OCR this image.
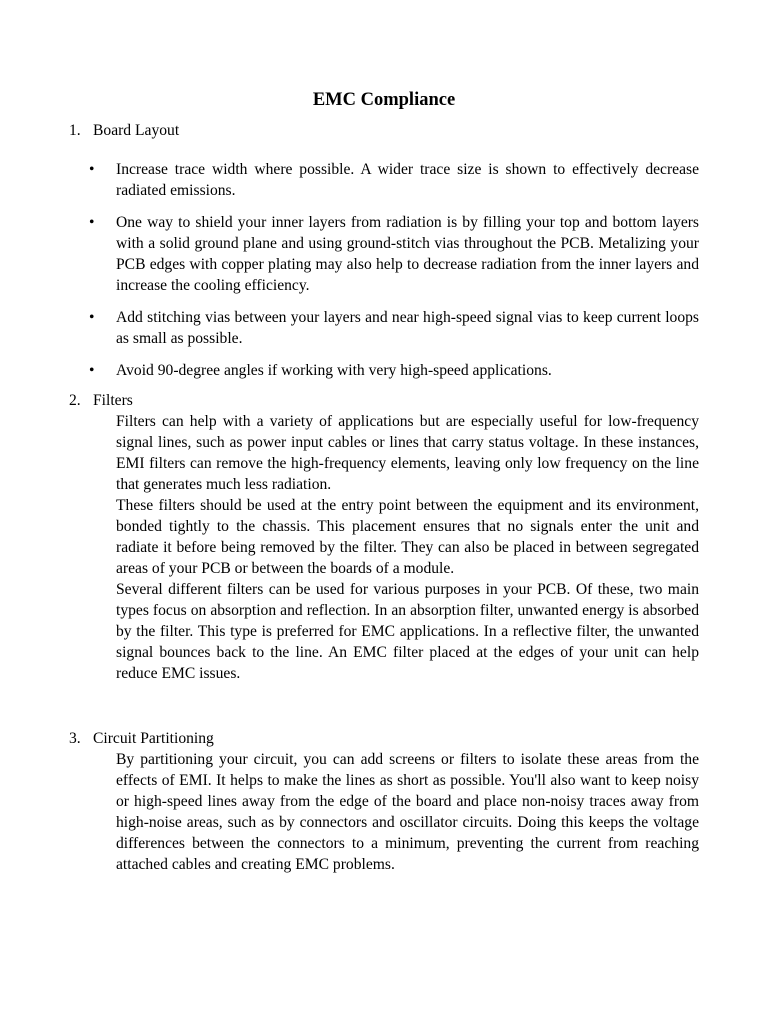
EMC Compliance
1. Board Layout
• Increase trace width where possible. A wider trace size is shown to effectively decrease radiated emissions.
• One way to shield your inner layers from radiation is by filling your top and bottom layers with a solid ground plane and using ground-stitch vias throughout the PCB. Metalizing your PCB edges with copper plating may also help to decrease radiation from the inner layers and increase the cooling efficiency.
• Add stitching vias between your layers and near high-speed signal vias to keep current loops as small as possible.
• Avoid 90-degree angles if working with very high-speed applications.
2. Filters

Filters can help with a variety of applications but are especially useful for low-frequency signal lines, such as power input cables or lines that carry status voltage. In these instances, EMI filters can remove the high-frequency elements, leaving only low frequency on the line that generates much less radiation.

These filters should be used at the entry point between the equipment and its environment, bonded tightly to the chassis. This placement ensures that no signals enter the unit and radiate it before being removed by the filter. They can also be placed in between segregated areas of your PCB or between the boards of a module.

Several different filters can be used for various purposes in your PCB. Of these, two main types focus on absorption and reflection. In an absorption filter, unwanted energy is absorbed by the filter. This type is preferred for EMC applications. In a reflective filter, the unwanted signal bounces back to the line. An EMC filter placed at the edges of your unit can help reduce EMC issues.

3. Circuit Partitioning

By partitioning your circuit, you can add screens or filters to isolate these areas from the effects of EMI. It helps to make the lines as short as possible. You'll also want to keep noisy or high-speed lines away from the edge of the board and place non-noisy traces away from high-noise areas, such as by connectors and oscillator circuits. Doing this keeps the voltage differences between the connectors to a minimum, preventing the current from reaching attached cables and creating EMC problems.
